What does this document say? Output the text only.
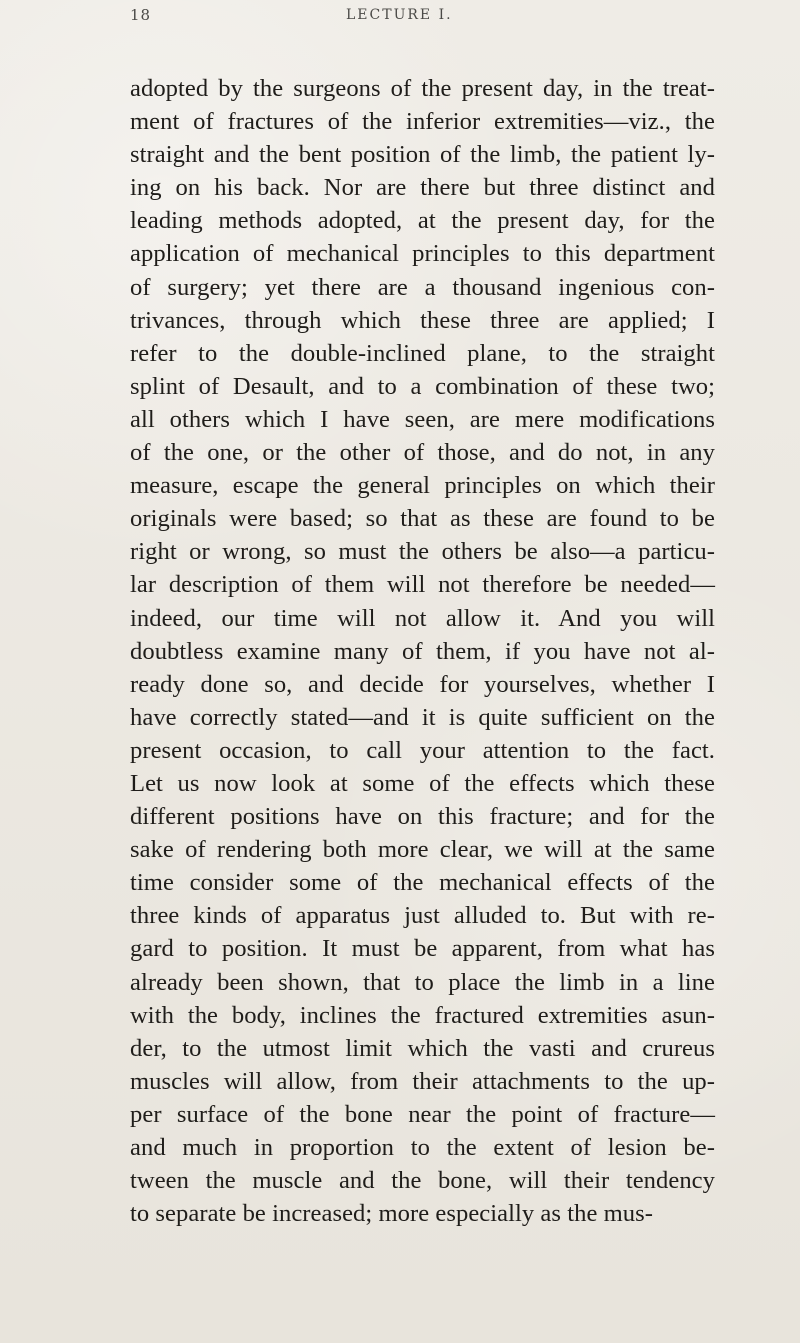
18	LECTURE I.
adopted by the surgeons of the present day, in the treat-
ment of fractures of the inferior extremities—viz., the
straight and the bent position of the limb, the patient ly-
ing on his back. Nor are there but three distinct and
leading methods adopted, at the present day, for the
application of mechanical principles to this department
of surgery; yet there are a thousand ingenious con-
trivances, through which these three are applied; I
refer to the double-inclined plane, to the straight
splint of Desault, and to a combination of these two;
all others which I have seen, are mere modifications
of the one, or the other of those, and do not, in any
measure, escape the general principles on which their
originals were based; so that as these are found to be
right or wrong, so must the others be also—a particu-
lar description of them will not therefore be needed—
indeed, our time will not allow it. And you will
doubtless examine many of them, if you have not al-
ready done so, and decide for yourselves, whether I
have correctly stated—and it is quite sufficient on the
present occasion, to call your attention to the fact.
Let us now look at some of the effects which these
different positions have on this fracture; and for the
sake of rendering both more clear, we will at the same
time consider some of the mechanical effects of the
three kinds of apparatus just alluded to. But with re-
gard to position. It must be apparent, from what has
already been shown, that to place the limb in a line
with the body, inclines the fractured extremities asun-
der, to the utmost limit which the vasti and crureus
muscles will allow, from their attachments to the up-
per surface of the bone near the point of fracture—
and much in proportion to the extent of lesion be-
tween the muscle and the bone, will their tendency
to separate be increased; more especially as the mus-
